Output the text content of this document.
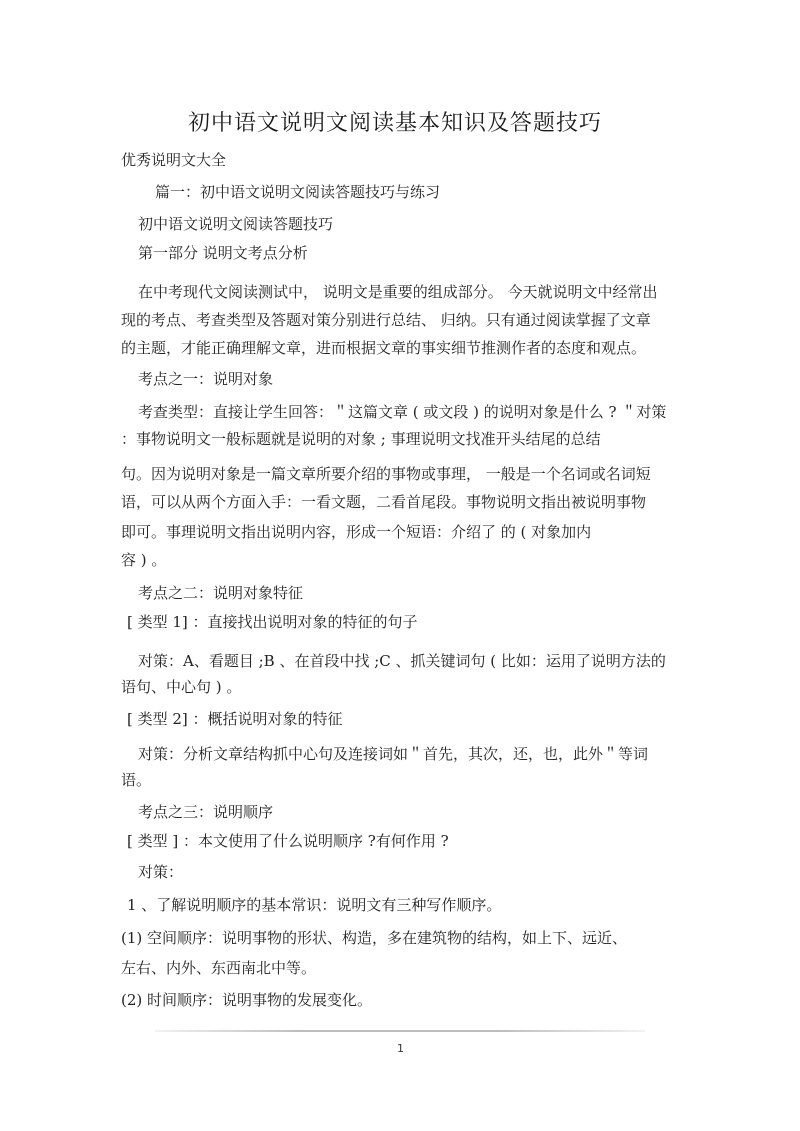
初中语文说明文阅读基本知识及答题技巧
优秀说明文大全
篇一：初中语文说明文阅读答题技巧与练习
初中语文说明文阅读答题技巧
第一部分 说明文考点分析
在中考现代文阅读测试中， 说明文是重要的组成部分。 今天就说明文中经常出
现的考点、考查类型及答题对策分别进行总结、 归纳。只有通过阅读掌握了文章
的主题，才能正确理解文章，进而根据文章的事实细节推测作者的态度和观点。
考点之一：说明对象
考查类型：直接让学生回答：＂这篇文章 ( 或文段 ) 的说明对象是什么 ? ＂对策
：事物说明文一般标题就是说明的对象 ; 事理说明文找准开头结尾的总结
句。因为说明对象是一篇文章所要介绍的事物或事理， 一般是一个名词或名词短
语，可以从两个方面入手：一看文题，二看首尾段。事物说明文指出被说明事物
即可。事理说明文指出说明内容，形成一个短语：介绍了 的 ( 对象加内
容 ) 。
考点之二：说明对象特征
[ 类型 1] ：直接找出说明对象的特征的句子
对策：A、看题目 ;B 、在首段中找 ;C 、抓关键词句 ( 比如：运用了说明方法的
语句、中心句 ) 。
[ 类型 2] ：概括说明对象的特征
对策：分析文章结构抓中心句及连接词如＂首先，其次，还，也，此外＂等词
语。
考点之三：说明顺序
[ 类型 ] ：本文使用了什么说明顺序 ?有何作用 ?
对策：
1 、了解说明顺序的基本常识：说明文有三种写作顺序。
(1) 空间顺序：说明事物的形状、构造，多在建筑物的结构，如上下、远近、
左右、内外、东西南北中等。
(2) 时间顺序：说明事物的发展变化。
1
